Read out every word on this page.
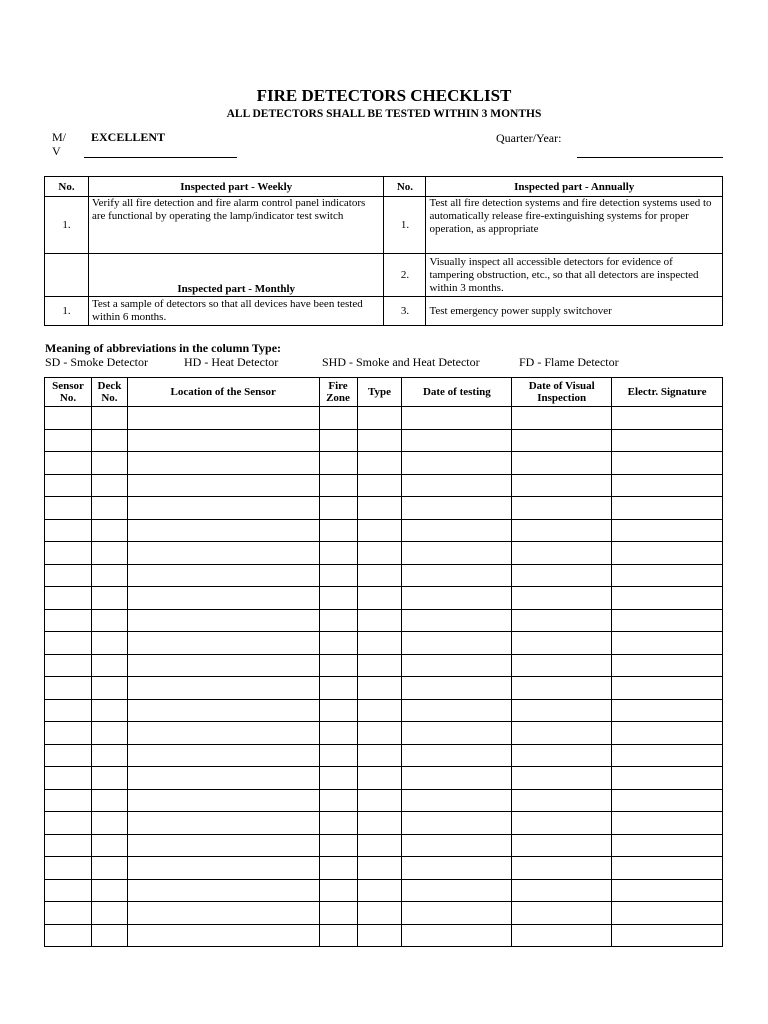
FIRE DETECTORS CHECKLIST
ALL DETECTORS SHALL BE TESTED WITHIN 3 MONTHS
M/ V
EXCELLENT	Quarter/Year:
No.	Inspected part - Weekly	No.	Inspected part - Annually
1.	Verify all fire detection and fire alarm control panel indicators are functional by operating the lamp/indicator test switch	1.	Test all fire detection systems and fire detection systems used to automatically release fire-extinguishing systems for proper operation, as appropriate
	Inspected part - Monthly	2.	Visually inspect all accessible detectors for evidence of tampering obstruction, etc., so that all detectors are inspected within 3 months.
1.	Test a sample of detectors so that all devices have been tested within 6 months.	3.	Test emergency power supply switchover
Meaning of abbreviations in the column Type:
SD - Smoke Detector	HD - Heat Detector	SHD - Smoke and Heat Detector	FD - Flame Detector
Sensor No.	Deck No.	Location of the Sensor	Fire Zone	Type	Date of testing	Date of Visual Inspection	Electr. Signature
